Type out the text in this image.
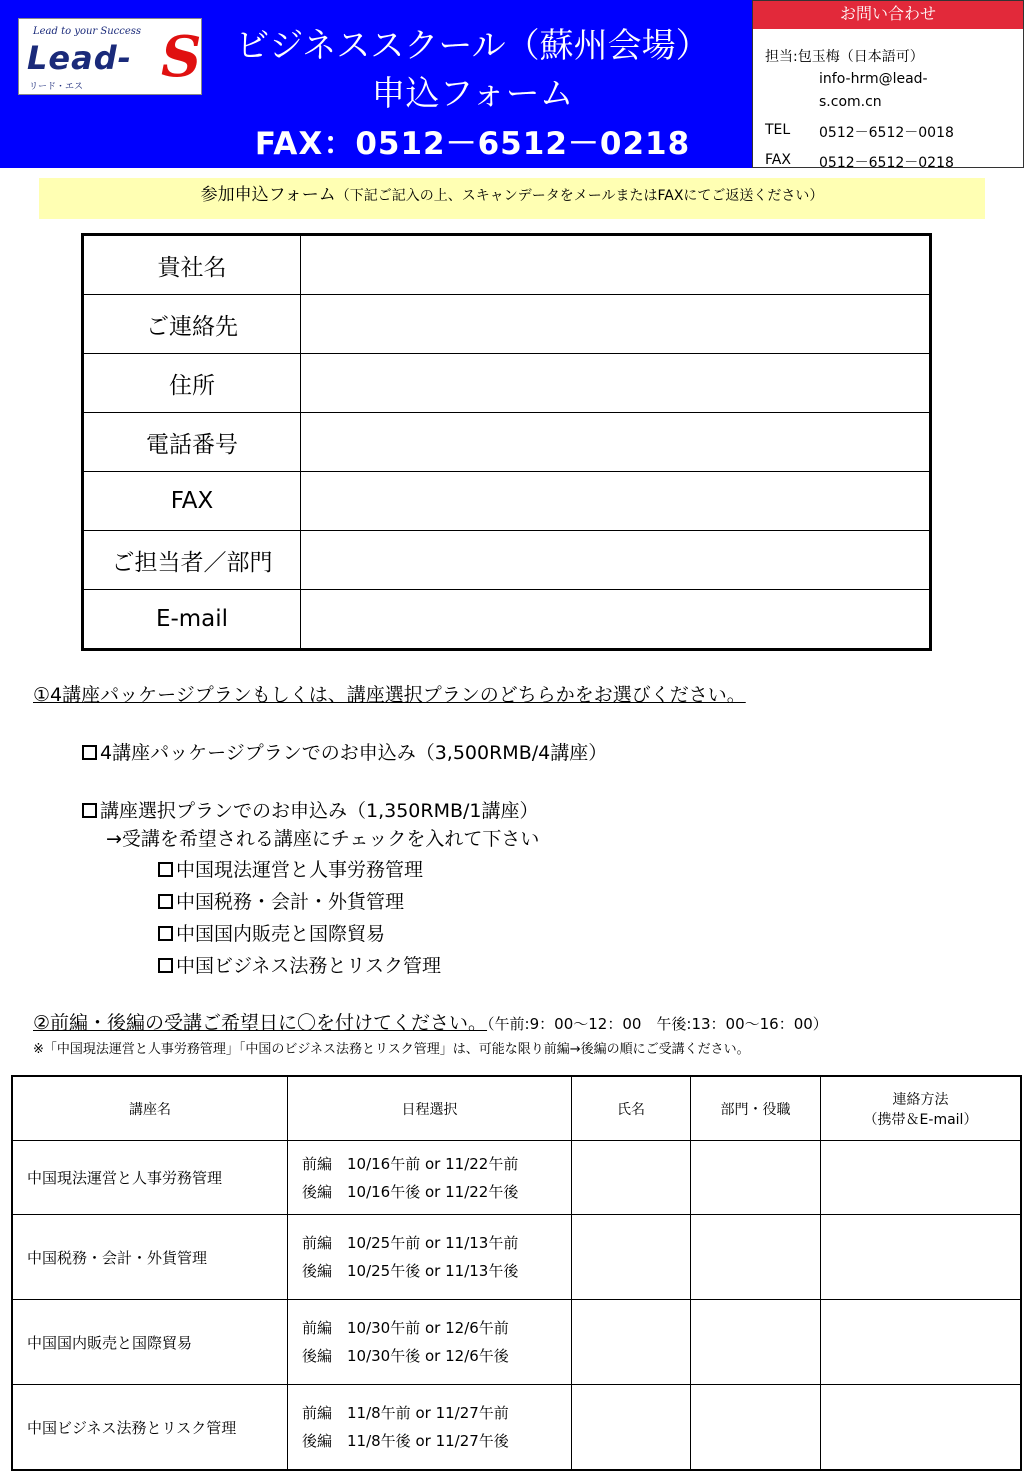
Lead to your Success
Lead- S
リード・エス
ビジネススクール（蘇州会場）
申込フォーム
FAX：0512－6512－0218
お問い合わせ
担当:包玉梅（日本語可）
info-hrm@lead-
s.com.cn
TEL 0512－6512－0018
FAX 0512－6512－0218
参加申込フォーム（下記ご記入の上、スキャンデータをメールまたはFAXにてご返送ください）
貴社名	
ご連絡先	
住所	
電話番号	
FAX	
ご担当者／部門	
E-mail	
①4講座パッケージプランもしくは、講座選択プランのどちらかをお選びください。
4講座パッケージプランでのお申込み（3,500RMB/4講座）
講座選択プランでのお申込み（1,350RMB/1講座）
→受講を希望される講座にチェックを入れて下さい
中国現法運営と人事労務管理
中国税務・会計・外貨管理
中国国内販売と国際貿易
中国ビジネス法務とリスク管理
②前編・後編の受講ご希望日に〇を付けてください。（午前:9：00～12：00　午後:13：00～16：00）
※「中国現法運営と人事労務管理」「中国のビジネス法務とリスク管理」は、可能な限り前編→後編の順にご受講ください。
講座名	日程選択	氏名	部門・役職	連絡方法
（携帯＆E-mail）

中国現法運営と人事労務管理	前編　10/16午前 or 11/22午前
後編　10/16午後 or 11/22午後			

中国税務・会計・外貨管理	前編　10/25午前 or 11/13午前
後編　10/25午後 or 11/13午後			

中国国内販売と国際貿易	前編　10/30午前 or 12/6午前
後編　10/30午後 or 12/6午後			

中国ビジネス法務とリスク管理	前編　11/8午前 or 11/27午前
後編　11/8午後 or 11/27午後			
